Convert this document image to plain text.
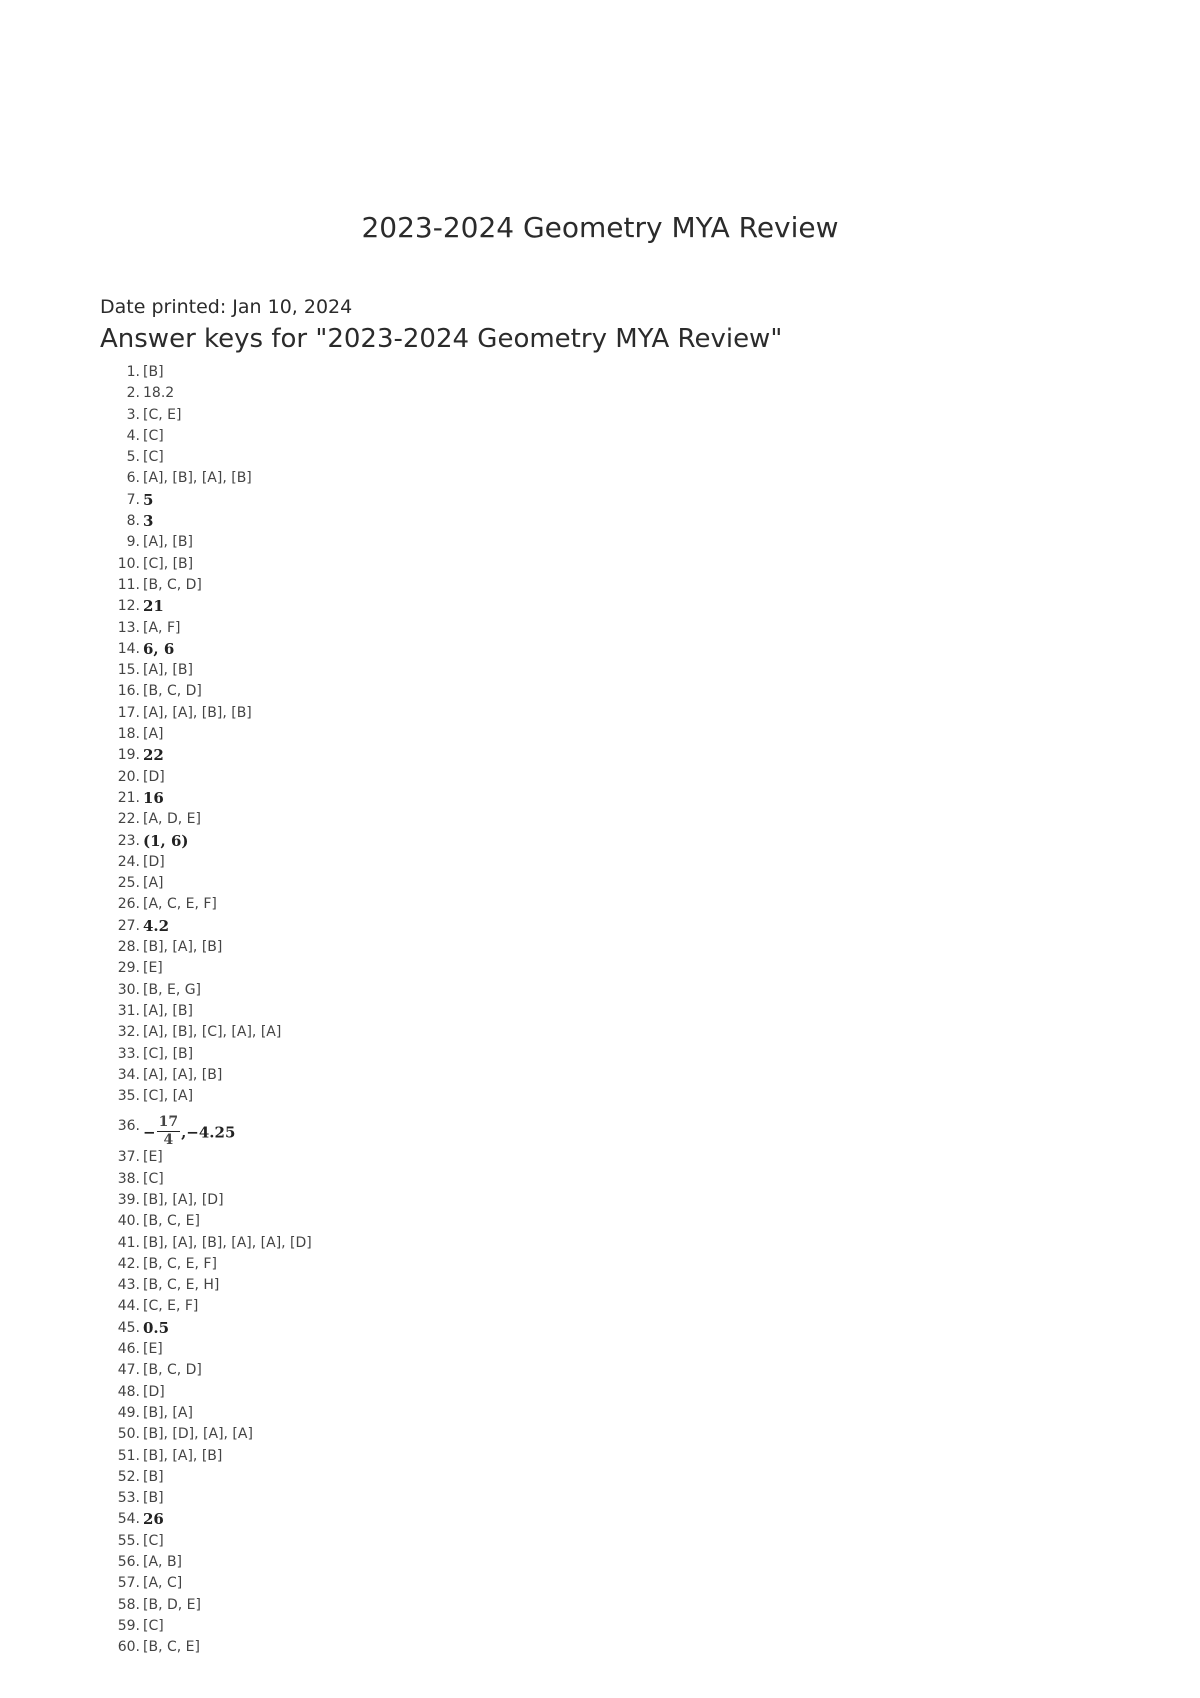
2023-2024 Geometry MYA Review
Date printed: Jan 10, 2024
Answer keys for "2023-2024 Geometry MYA Review"
1. [B]
2. 18.2
3. [C, E]
4. [C]
5. [C]
6. [A], [B], [A], [B]
7. 5
8. 3
9. [A], [B]
10. [C], [B]
11. [B, C, D]
12. 21
13. [A, F]
14. 6, 6
15. [A], [B]
16. [B, C, D]
17. [A], [A], [B], [B]
18. [A]
19. 22
20. [D]
21. 16
22. [A, D, E]
23. (1, 6)
24. [D]
25. [A]
26. [A, C, E, F]
27. 4.2
28. [B], [A], [B]
29. [E]
30. [B, E, G]
31. [A], [B]
32. [A], [B], [C], [A], [A]
33. [C], [B]
34. [A], [A], [B]
35. [C], [A]
36. − $\frac{17}{4} ,-4.25$
37. [E]
38. [C]
39. [B], [A], [D]
40. [B, C, E]
41. [B], [A], [B], [A], [A], [D]
42. [B, C, E, F]
43. [B, C, E, H]
44. [C, E, F]
45. 0.5
46. [E]
47. [B, C, D]
48. [D]
49. [B], [A]
50. [B], [D], [A], [A]
51. [B], [A], [B]
52. [B]
53. [B]
54. 26
55. [C]
56. [A, B]
57. [A, C]
58. [B, D, E]
59. [C]
60. [B, C, E]
